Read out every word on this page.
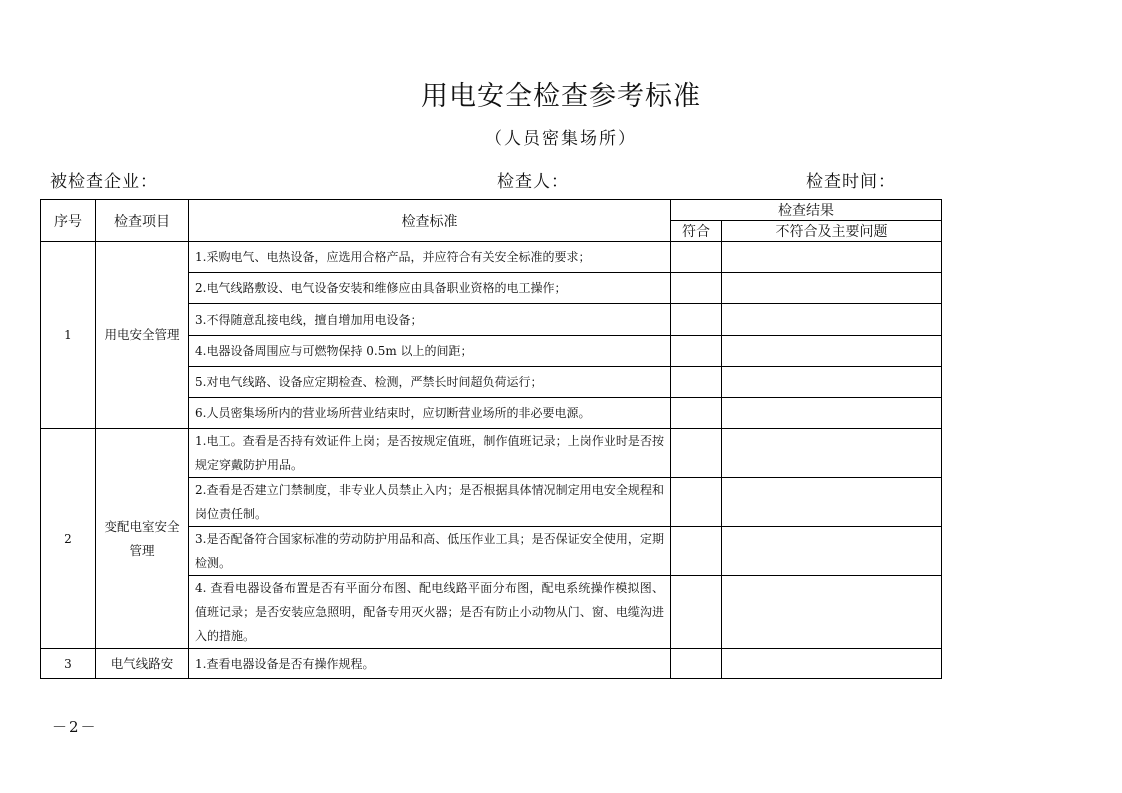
用电安全检查参考标准
（人员密集场所）
被检查企业：	检查人：	检查时间：
序号	检查项目	检查标准	检查结果	
			符合	不符合及主要问题
1	用电安全管理	1.采购电气、电热设备，应选用合格产品，并应符合有关安全标准的要求；		
		2.电气线路敷设、电气设备安装和维修应由具备职业资格的电工操作；		
		3.不得随意乱接电线，擅自增加用电设备；		
		4.电器设备周围应与可燃物保持 0.5m 以上的间距；		
		5.对电气线路、设备应定期检查、检测，严禁长时间超负荷运行；		
		6.人员密集场所内的营业场所营业结束时，应切断营业场所的非必要电源。		
2	变配电室安全管理	1.电工。查看是否持有效证件上岗；是否按规定值班，制作值班记录；上岗作业时是否按规定穿戴防护用品。		
		2.查看是否建立门禁制度，非专业人员禁止入内；是否根据具体情况制定用电安全规程和岗位责任制。		
		3.是否配备符合国家标准的劳动防护用品和高、低压作业工具；是否保证安全使用，定期检测。		
		4. 查看电器设备布置是否有平面分布图、配电线路平面分布图，配电系统操作模拟图、值班记录；是否安装应急照明，配备专用灭火器；是否有防止小动物从门、窗、电缆沟进入的措施。		
3	电气线路安	1.查看电器设备是否有操作规程。		
－2－
